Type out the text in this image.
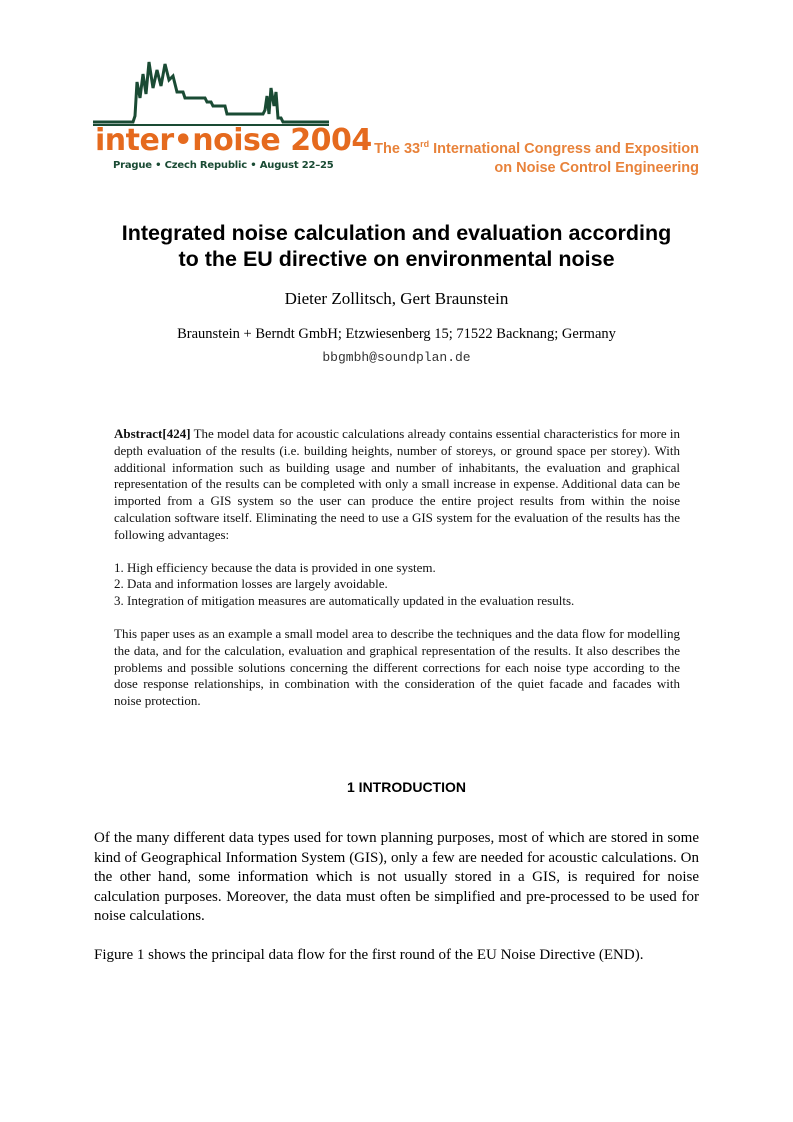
inter•noise 2004
Prague • Czech Republic • August 22–25
The 33rd International Congress and Exposition
on Noise Control Engineering
Integrated noise calculation and evaluation according
to the EU directive on environmental noise
Dieter Zollitsch, Gert Braunstein
Braunstein + Berndt GmbH; Etzwiesenberg 15; 71522 Backnang; Germany
bbgmbh@soundplan.de

Abstract[424] The model data for acoustic calculations already contains essential characteristics for more in depth evaluation of the results (i.e. building heights, number of storeys, or ground space per storey). With additional information such as building usage and number of inhabitants, the evaluation and graphical representation of the results can be completed with only a small increase in expense. Additional data can be imported from a GIS system so the user can produce the entire project results from within the noise calculation software itself. Eliminating the need to use a GIS system for the evaluation of the results has the following advantages:

1. High efficiency because the data is provided in one system.

2. Data and information losses are largely avoidable.

3. Integration of mitigation measures are automatically updated in the evaluation results.

This paper uses as an example a small model area to describe the techniques and the data flow for modelling the data, and for the calculation, evaluation and graphical representation of the results. It also describes the problems and possible solutions concerning the different corrections for each noise type according to the dose response relationships, in combination with the consideration of the quiet facade and facades with noise protection.

1 INTRODUCTION

Of the many different data types used for town planning purposes, most of which are stored in some kind of Geographical Information System (GIS), only a few are needed for acoustic calculations. On the other hand, some information which is not usually stored in a GIS, is required for noise calculation purposes. Moreover, the data must often be simplified and pre-processed to be used for noise calculations.

Figure 1 shows the principal data flow for the first round of the EU Noise Directive (END).
